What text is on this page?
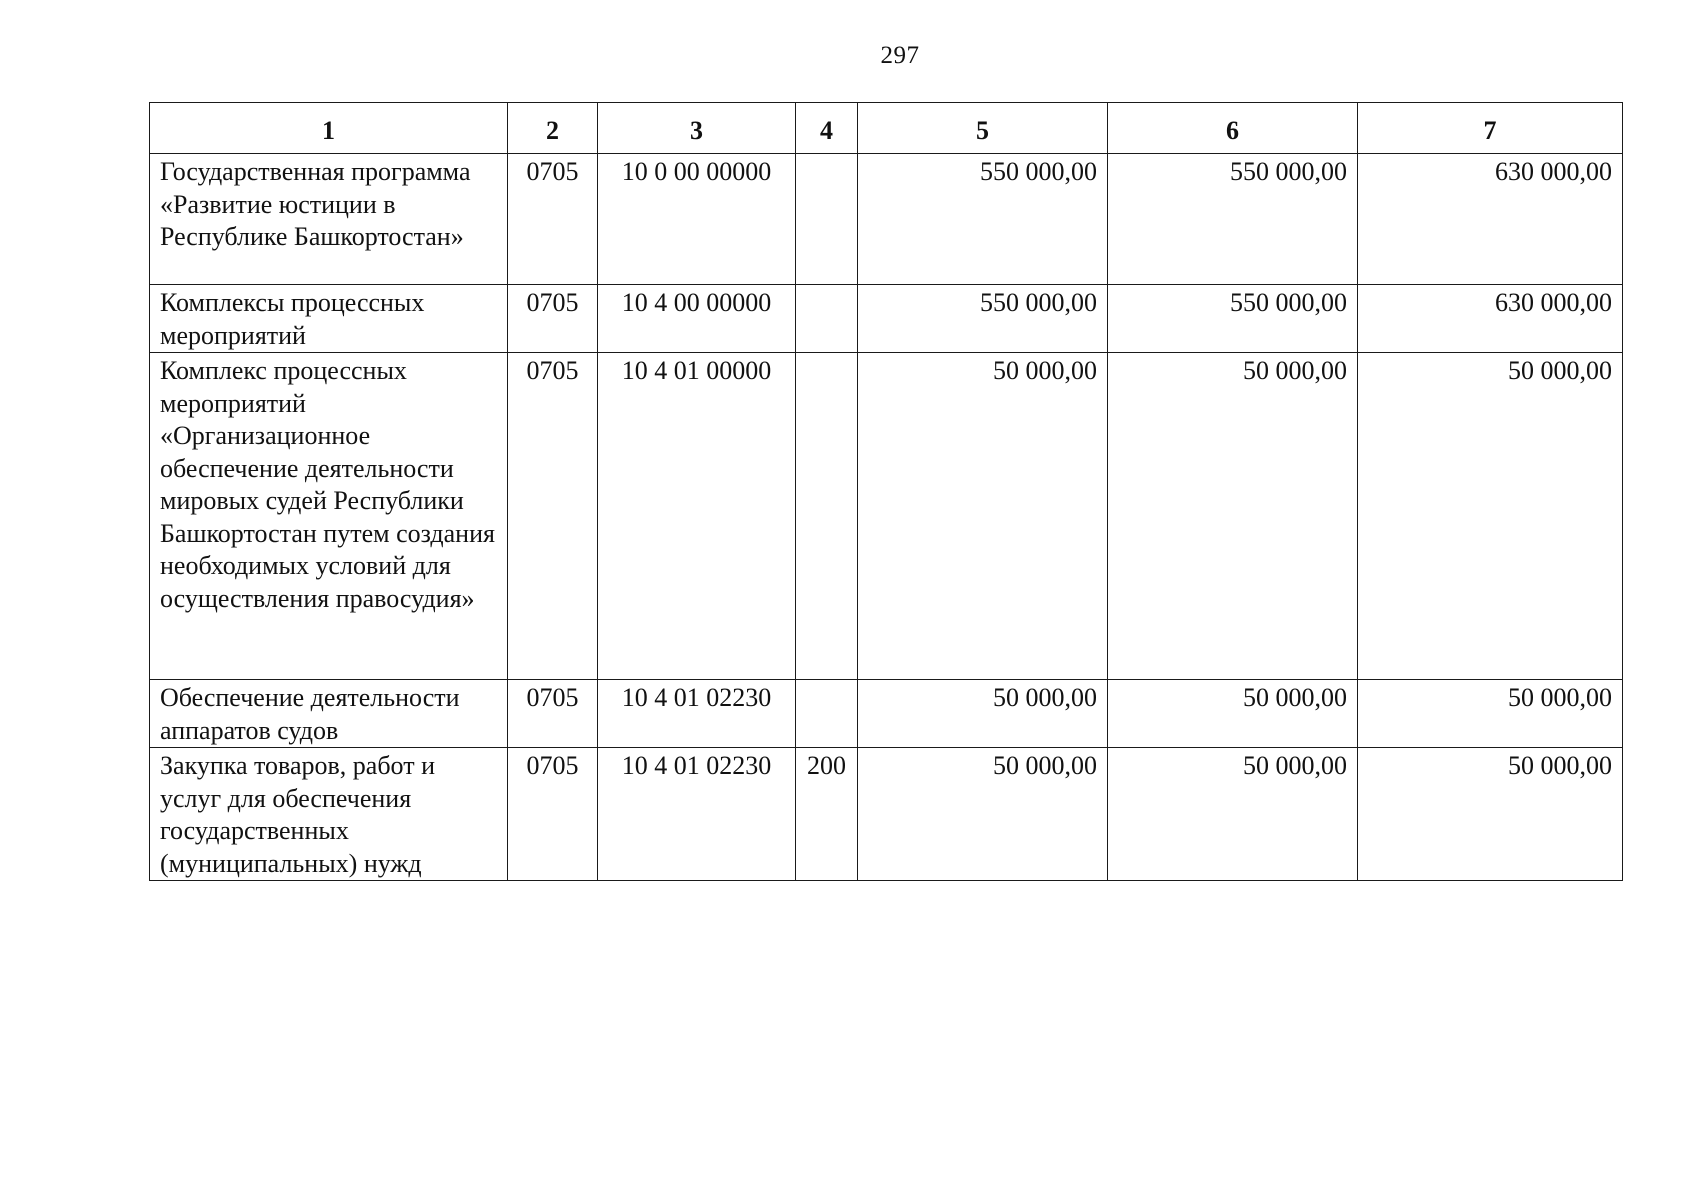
297
1	2	3	4	5	6	7
Государственная программа «Развитие юстиции в Республике Башкортостан»	0705	10 0 00 00000		550 000,00	550 000,00	630 000,00
Комплексы процессных мероприятий	0705	10 4 00 00000		550 000,00	550 000,00	630 000,00
Комплекс процессных мероприятий «Организационное обеспечение деятельности мировых судей Республики Башкортостан путем создания необходимых условий для осуществления правосудия»	0705	10 4 01 00000		50 000,00	50 000,00	50 000,00
Обеспечение деятельности аппаратов судов	0705	10 4 01 02230		50 000,00	50 000,00	50 000,00
Закупка товаров, работ и услуг для обеспечения государственных (муниципальных) нужд	0705	10 4 01 02230	200	50 000,00	50 000,00	50 000,00
